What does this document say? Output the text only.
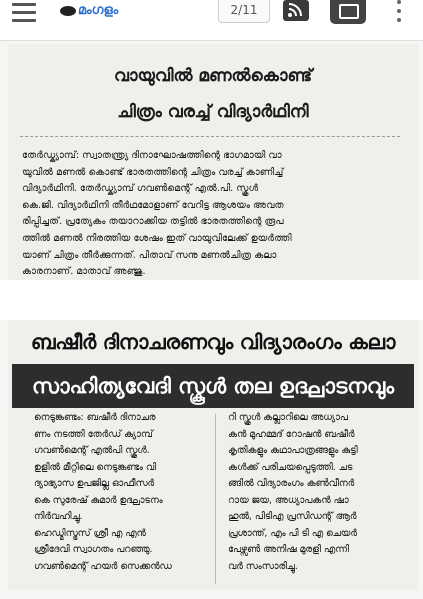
മംഗളം	2/11
വായുവിൽ മണൽകൊണ്ട്
ചിത്രം വരച്ച് വിദ്യാർഥിനി
തേർഡ്ക്യാമ്പ്: സ്വാതന്ത്ര്യ ദിനാഘോഷത്തിന്റെ ഭാഗമായി വാ
യുവിൽ മണൽ കൊണ്ട് ഭാരതത്തിന്റെ ചിത്രം വരച്ച് കാണിച്ച്
വിദ്യാർഥിനി. തേർഡ്ക്യാമ്പ് ഗവൺമെന്റ് എൽ.പി. സ്കൂൾ
കെ.ജി. വിദ്യാർഥിനി തീർഥമോളാണ് വേറിട്ട ആശയം അവത
രിപ്പിച്ചത്. പ്രത്യേകം തയാറാക്കിയ തട്ടിൽ ഭാരതത്തിന്റെ രൂപ
ത്തിൽ മണൽ നിരത്തിയ ശേഷം ഇത് വായുവിലേക്ക് ഉയർത്തി
യാണ് ചിത്രം തീർക്കുന്നത്. പിതാവ് സനു മണൽചിത്ര കലാ
കാരനാണ്. മാതാവ് അഞ്ജു.
ബഷീർ ദിനാചരണവും വിദ്യാരംഗം കലാ
സാഹിത്യവേദി സ്കൂൾ തല ഉദ്ഘാടനവും
നെടുങ്കണ്ടം: ബഷീർ ദിനാചര
ണം നടത്തി തേർഡ് ക്യാമ്പ്
ഗവൺമെന്റ് എൽപി സ്കൂൾ.
ഉളിൽ മീറ്റിലെ നെടുങ്കണ്ടം വി
ദ്യാഭ്യാസ ഉപജില്ല ഓഫീസർ
കെ സുരേഷ് കുമാർ ഉദ്ഘാടനം
നിർവഹിച്ചു.
ഹെഡ്മിസ്ട്രസ് ശ്രീ എ എൻ
ശ്രീദേവി സ്വാഗതം പറഞ്ഞു.
ഗവൺമെന്റ് ഹയർ സെക്കൻഡ
റി സ്കൂൾ കല്ലാറിലെ അധ്യാപ
കൻ മുഹമ്മദ് റോഷൻ ബഷീർ
കൃതികളും കഥാപാത്രങ്ങളും കുട്ടി
കൾക്ക് പരിചയപ്പെടുത്തി. ചട
ങ്ങിൽ വിദ്യാരംഗം കൺവീനർ
റായ ജയ, അധ്യാപകൻ ഷാ
ഹുൽ, പിടിഎ പ്രസിഡന്റ് ആർ
പ്രശാന്ത്, എം പി ടി എ ചെയർ
പേഴ്സൺ അനിഷ മുരളി എന്നി
വർ സംസാരിച്ചു.
